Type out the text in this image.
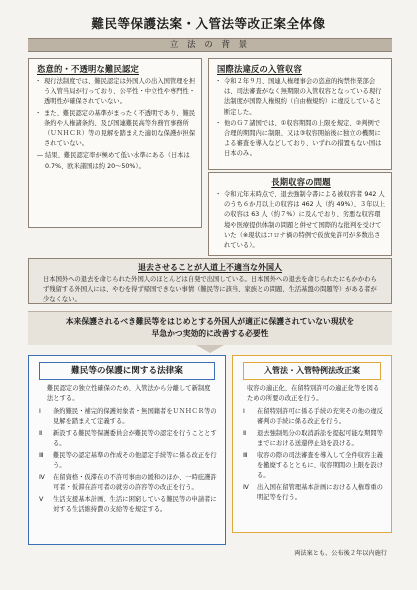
難民等保護法案・入管法等改正案全体像
立 法 の 背 景
恣意的・不透明な難民認定
・ 現行法制度では、難民認定は外国人の出入国管理を担う入管当局が行っており、公平性・中立性や専門性・透明性が確保されていない。
・ また、難民認定の基準がまったく不透明であり、難民条約や人権諸条約、及び国連難民高等弁務官事務所（ＵＮＨＣＲ）等の見解を踏まえた適切な保護が担保されていない。
― 結果、難民認定率が極めて低い水準にある（日本は0.7%、欧米諸国は約 20～50%）。
国際法違反の入管収容
・ 令和２年９月、国連人権理事会の恣意的拘禁作業部会は、司法審査がなく無期限の入管収容となっている現行法制度が国際人権規約（自由権規約）に違反していると断定した。
・ 他のＧ７諸国では、①収容期間の上限を規定、②判例で合理的期間内に制限、又は③収容開始後に独立の機関による審査を導入などしており、いずれの措置もない国は日本のみ。
長期収容の問題
・ 令和元年末時点で、退去強制令書による被収容者 942 人のうち６か月以上の収容は 462 人（約 49%）、３年以上の収容は 63 人（約７%）に及んでおり、劣悪な収容環境や医療提供体制の問題と併せて国際的な批判を受けていた（※現状はコロナ禍の特例で仮放免許可が多数出されている）。
退去させることが人道上不適当な外国人
日本国外への退去を命じられた外国人のほとんどは自発で出国している。日本国外への退去を命じられたにもかかわらず残留する外国人には、やむを得ず帰国できない事情（難民等に該当、家族との問題、生活基盤の問題等）がある者が少なくない。
本来保護されるべき難民等をはじめとする外国人が適正に保護されていない現状を
早急かつ実効的に改善する必要性
難民等の保護に関する法律案
難民認定の独立性確保のため、入管法から分離して新制度法とする。
Ⅰ 条約難民・補完的保護対象者・無国籍者をＵＮＨＣＲ等の見解を踏まえて定義する。
Ⅱ 新設する難民等保護委員会が難民等の認定を行うこととする。
Ⅲ 難民等の認定基準の作成その他認定手続等に係る改正を行う。
Ⅳ 在留資格・仮滞在の不許可事由の緩和のほか、一時庇護許可者・仮滞在許可者の就労の許容等の改正を行う。
Ⅴ 生活支援基本計画、生活に困窮している難民等の申請者に対する生活維持費の支給等を規定する。
入管法・入管特例法改正案
収容の適正化、在留特別許可の適正化等を図るための所要の改正を行う。
Ⅰ 在留特別許可に係る手続の充実その他の違反審判の手続に係る改正を行う。
Ⅱ 退去強制処分の取消訴訟を提起可能な期間等までにおける送還停止効を設ける。
Ⅲ 収容の際の司法審査を導入して全件収容主義を撤廃するとともに、収容期間の上限を設ける。
Ⅳ 出入国在留管理基本計画における人権尊重の明記等を行う。
両法案とも、公布後２年以内施行
